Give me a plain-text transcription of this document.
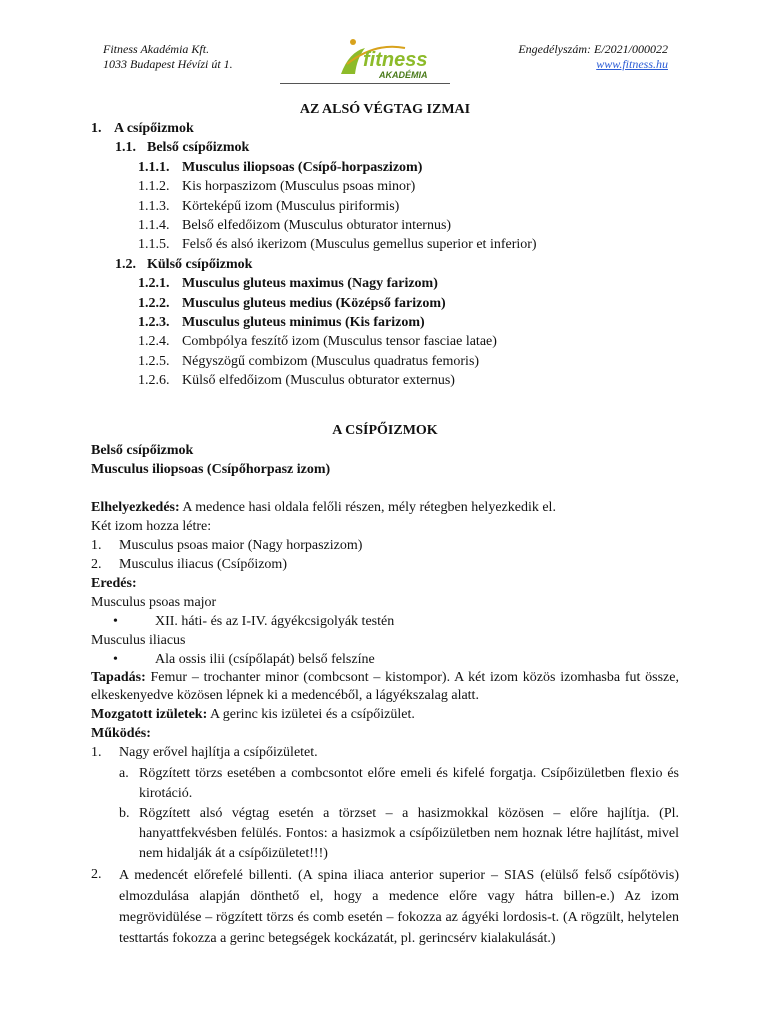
Fitness Akadémia Kft.
1033 Budapest Hévízi út 1.	fitness
AKADÉMIA
Engedélyszám: E/2021/000022
www.fitness.hu

AZ ALSÓ VÉGTAG IZMAI

1. A csípőizmok
1.1. Belső csípőizmok
1.1.1. Musculus iliopsoas (Csípő-horpaszizom)
1.1.2. Kis horpaszizom (Musculus psoas minor)
1.1.3. Körteképű izom (Musculus piriformis)
1.1.4. Belső elfedőizom (Musculus obturator internus)
1.1.5. Felső és alsó ikerizom (Musculus gemellus superior et inferior)
1.2. Külső csípőizmok
1.2.1. Musculus gluteus maximus (Nagy farizom)
1.2.2. Musculus gluteus medius (Középső farizom)
1.2.3. Musculus gluteus minimus (Kis farizom)
1.2.4. Combpólya feszítő izom (Musculus tensor fasciae latae)
1.2.5. Négyszögű combizom (Musculus quadratus femoris)
1.2.6. Külső elfedőizom (Musculus obturator externus)

A CSÍPŐIZMOK

Belső csípőizmok

Musculus iliopsoas (Csípőhorpasz izom)

Elhelyezkedés: A medence hasi oldala felőli részen, mély rétegben helyezkedik el.

Két izom hozza létre:

1.	Musculus psoas maior (Nagy horpaszizom)
2.	Musculus iliacus (Csípőizom)

Eredés:

Musculus psoas major

•	XII. háti- és az I-IV. ágyékcsigolyák testén

Musculus iliacus

•	Ala ossis ilii (csípőlapát) belső felszíne

Tapadás: Femur – trochanter minor (combcsont – kistompor). A két izom közös izomhasba fut össze, elkeskenyedve közösen lépnek ki a medencéből, a lágyékszalag alatt.

Mozgatott izületek: A gerinc kis izületei és a csípőizület.

Működés:

1.	Nagy erővel hajlítja a csípőizületet.
a. Rögzített törzs esetében a combcsontot előre emeli és kifelé forgatja. Csípőizületben flexio és kirotáció.
b. Rögzített alsó végtag esetén a törzset – a hasizmokkal közösen – előre hajlítja. (Pl. hanyattfekvésben felülés. Fontos: a hasizmok a csípőizületben nem hoznak létre hajlítást, mivel nem hidalják át a csípőizületet!!!)
2.	A medencét előrefelé billenti. (A spina iliaca anterior superior – SIAS (elülső felső csípőtövis) elmozdulása alapján dönthető el, hogy a medence előre vagy hátra billen-e.) Az izom megrövidülése – rögzített törzs és comb esetén – fokozza az ágyéki lordosis-t. (A rögzült, helytelen testtartás fokozza a gerinc betegségek kockázatát, pl. gerincsérv kialakulását.)
